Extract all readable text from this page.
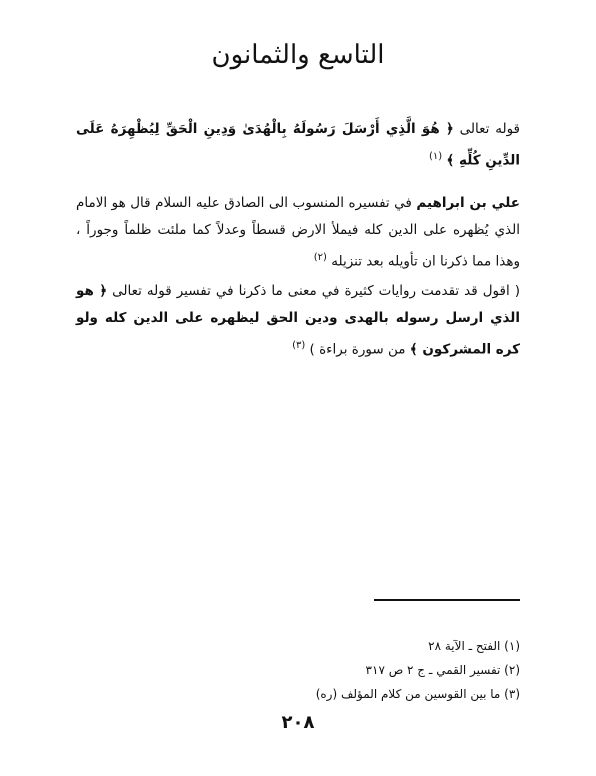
التاسع والثمانون

قوله تعالى ﴿ هُوَ الَّذِي أَرْسَلَ رَسُولَهُ بِالْهُدَىٰ وَدِينِ الْحَقِّ لِيُظْهِرَهُ عَلَى الدِّينِ كُلِّهِ ﴾ $^{(١)}$

علي بن ابراهيم في تفسيره المنسوب الى الصادق عليه السلام قال هو الامام الذي يُظهره على الدين كله فيملأ الارض قسطاً وعدلاً كما ملئت ظلماً وجوراً ، وهذا مما ذكرنا ان تأويله بعد تنزيله $^{(٢)}$

( اقول قد تقدمت روايات كثيرة في معنى ما ذكرنا في تفسير قوله تعالى ﴿ هو الذي ارسل رسوله بالهدى ودين الحق ليظهره على الدين كله ولو كره المشركون ﴾ من سورة براءة ) $^{(٣)}$

(١) الفتح ـ الآية ٢٨
(٢) تفسير القمي ـ ج ٢ ص ٣١٧
(٣) ما بين القوسين من كلام المؤلف (ره)
٢٠٨
